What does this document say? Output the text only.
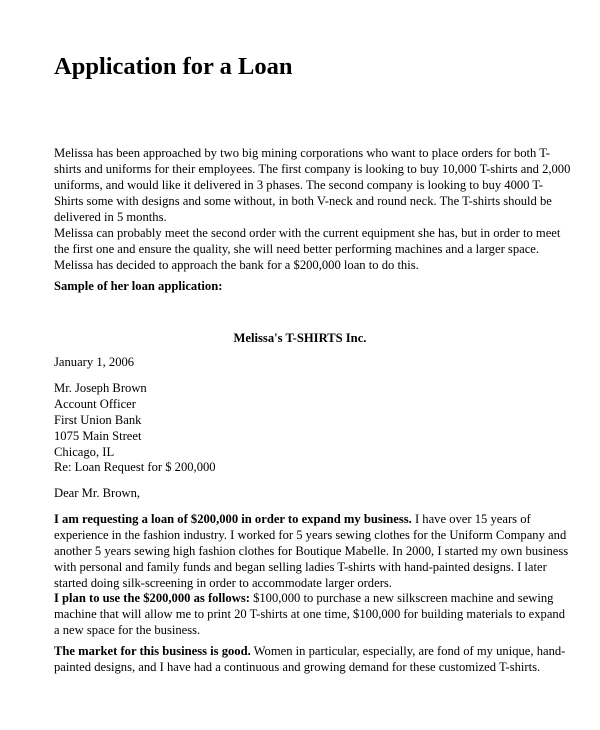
Application for a Loan

Melissa has been approached by two big mining corporations who want to place orders for both T-
shirts and uniforms for their employees. The first company is looking to buy 10,000 T-shirts and 2,000
uniforms, and would like it delivered in 3 phases. The second company is looking to buy 4000 T-
Shirts some with designs and some without, in both V-neck and round neck. The T-shirts should be
delivered in 5 months.

Melissa can probably meet the second order with the current equipment she has, but in order to meet
the first one and ensure the quality, she will need better performing machines and a larger space.
Melissa has decided to approach the bank for a $200,000 loan to do this.

Sample of her loan application:

Melissa's T-SHIRTS Inc.

January 1, 2006

Mr. Joseph Brown
Account Officer
First Union Bank
1075 Main Street
Chicago, IL

Re: Loan Request for $ 200,000

Dear Mr. Brown,

I am requesting a loan of $200,000 in order to expand my business. I have over 15 years of
experience in the fashion industry. I worked for 5 years sewing clothes for the Uniform Company and
another 5 years sewing high fashion clothes for Boutique Mabelle. In 2000, I started my own business
with personal and family funds and began selling ladies T-shirts with hand-painted designs. I later
started doing silk-screening in order to accommodate larger orders.

I plan to use the $200,000 as follows: $100,000 to purchase a new silkscreen machine and sewing
machine that will allow me to print 20 T-shirts at one time, $100,000 for building materials to expand
a new space for the business.

The market for this business is good. Women in particular, especially, are fond of my unique, hand-
painted designs, and I have had a continuous and growing demand for these customized T-shirts.
